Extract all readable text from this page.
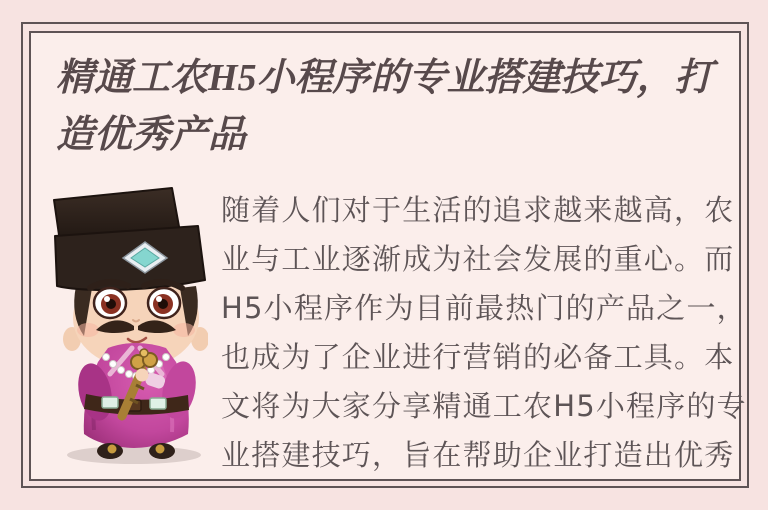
精通工农H5小程序的专业搭建技巧，打
造优秀产品
随着人们对于生活的追求越来越高，农
业与工业逐渐成为社会发展的重心。而
H5小程序作为目前最热门的产品之一，
也成为了企业进行营销的必备工具。本
文将为大家分享精通工农H5小程序的专
业搭建技巧，旨在帮助企业打造出优秀
